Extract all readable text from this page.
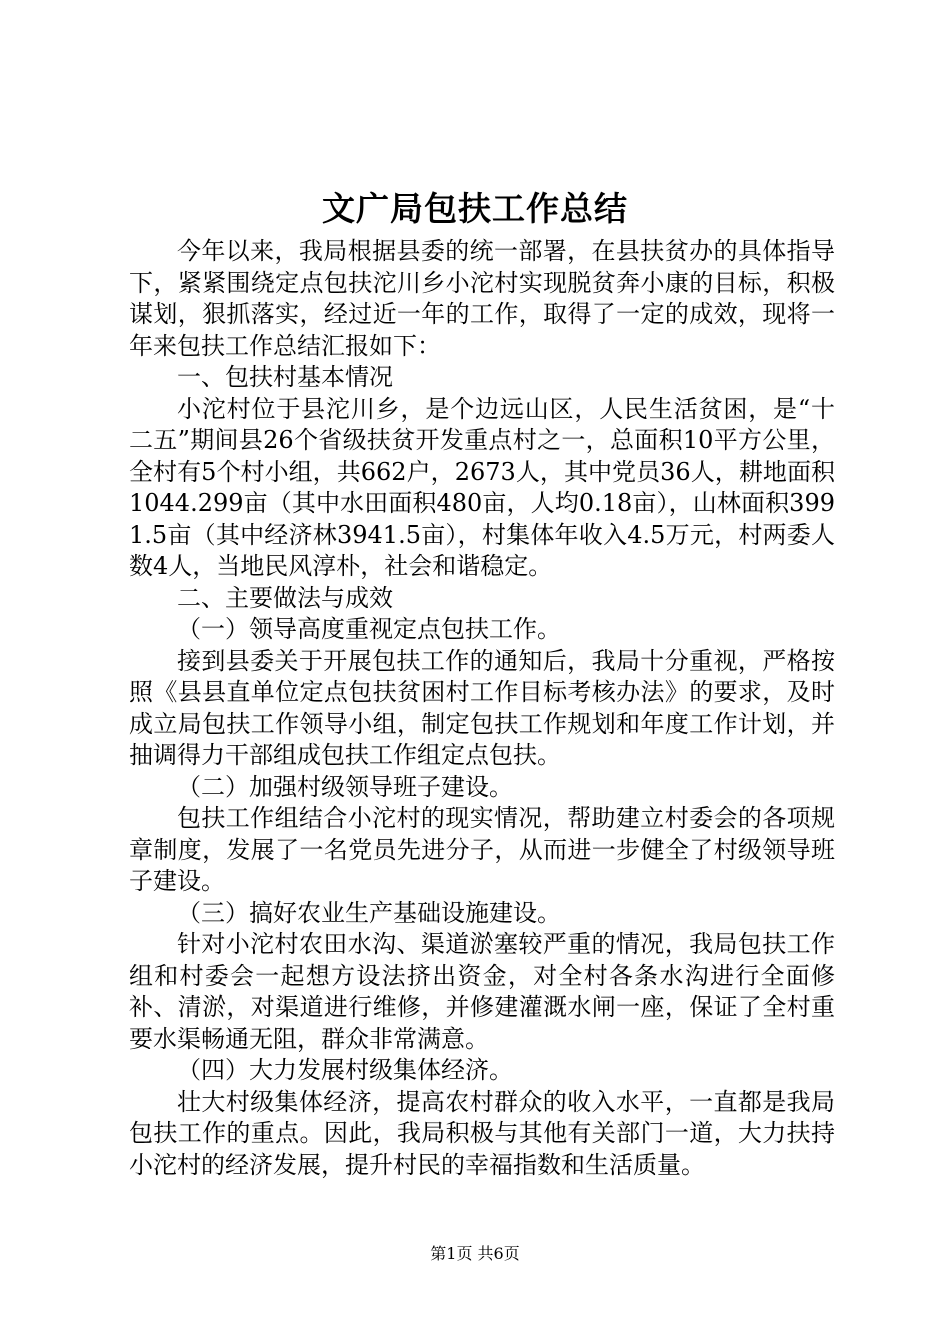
文广局包扶工作总结

今年以来，我局根据县委的统一部署，在县扶贫办的具体指导下，紧紧围绕定点包扶沱川乡小沱村实现脱贫奔小康的目标，积极谋划，狠抓落实，经过近一年的工作，取得了一定的成效，现将一年来包扶工作总结汇报如下：

一、包扶村基本情况

小沱村位于县沱川乡，是个边远山区，人民生活贫困，是“十二五”期间县26个省级扶贫开发重点村之一，总面积10平方公里，全村有5个村小组，共662户，2673人，其中党员36人，耕地面积1044.299亩（其中水田面积480亩，人均0.18亩），山林面积3991.5亩（其中经济林3941.5亩），村集体年收入4.5万元，村两委人数4人，当地民风淳朴，社会和谐稳定。

二、主要做法与成效

（一）领导高度重视定点包扶工作。

接到县委关于开展包扶工作的通知后，我局十分重视，严格按照《县县直单位定点包扶贫困村工作目标考核办法》的要求，及时成立局包扶工作领导小组，制定包扶工作规划和年度工作计划，并抽调得力干部组成包扶工作组定点包扶。

（二）加强村级领导班子建设。

包扶工作组结合小沱村的现实情况，帮助建立村委会的各项规章制度，发展了一名党员先进分子，从而进一步健全了村级领导班子建设。

（三）搞好农业生产基础设施建设。

针对小沱村农田水沟、渠道淤塞较严重的情况，我局包扶工作组和村委会一起想方设法挤出资金，对全村各条水沟进行全面修补、清淤，对渠道进行维修，并修建灌溉水闸一座，保证了全村重要水渠畅通无阻，群众非常满意。

（四）大力发展村级集体经济。

壮大村级集体经济，提高农村群众的收入水平，一直都是我局包扶工作的重点。因此，我局积极与其他有关部门一道，大力扶持小沱村的经济发展，提升村民的幸福指数和生活质量。

第1页 共6页
